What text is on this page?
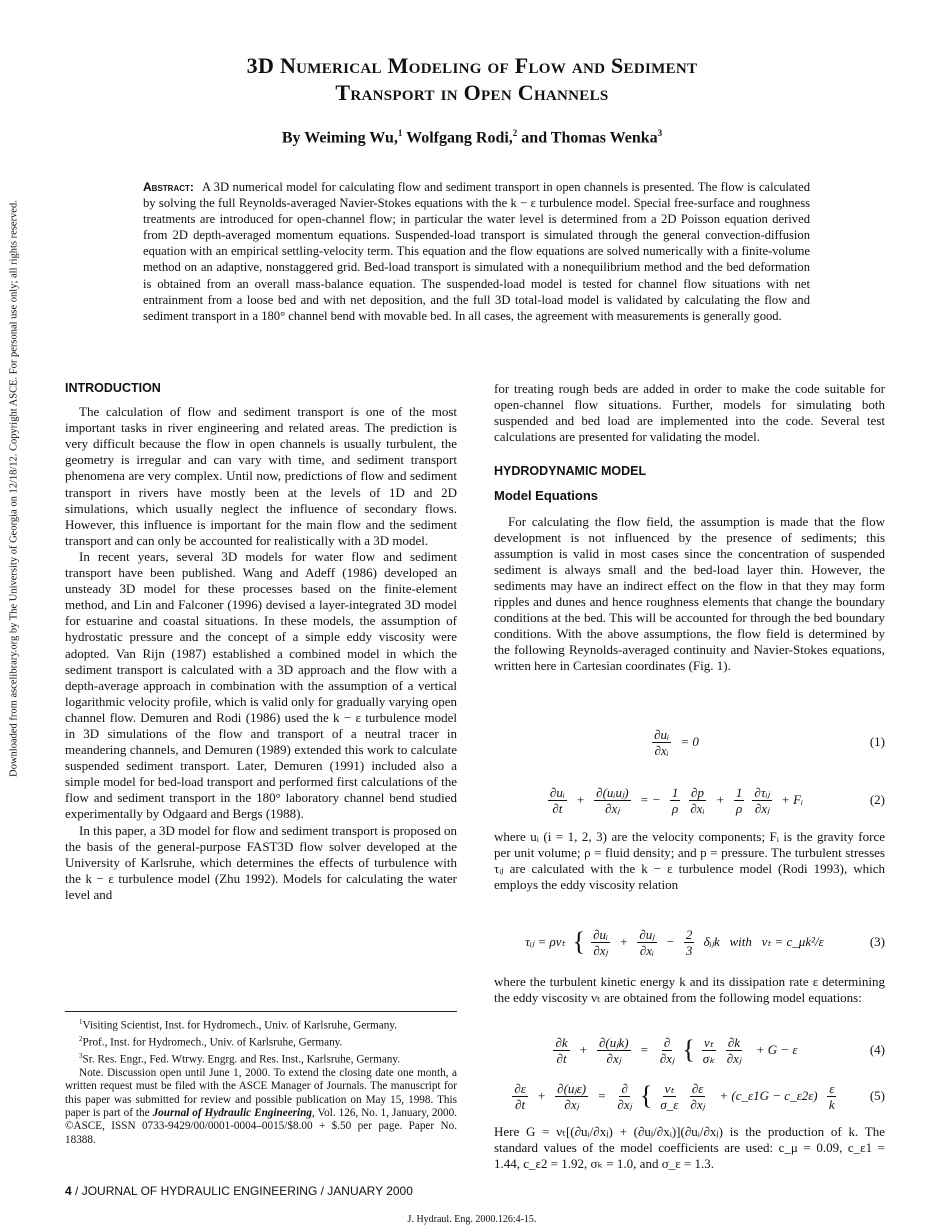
Downloaded from ascelibrary.org by The University of Georgia on 12/18/12. Copyright ASCE. For personal use only; all rights reserved.
3D Numerical Modeling of Flow and Sediment
Transport in Open Channels
By Weiming Wu,$^1$ Wolfgang Rodi,$^2$ and Thomas Wenka$^3$
Abstract: A 3D numerical model for calculating flow and sediment transport in open channels is presented. The flow is calculated by solving the full Reynolds-averaged Navier-Stokes equations with the k − ε turbulence model. Special free-surface and roughness treatments are introduced for open-channel flow; in particular the water level is determined from a 2D Poisson equation derived from 2D depth-averaged momentum equations. Suspended-load transport is simulated through the general convection-diffusion equation with an empirical settling-velocity term. This equation and the flow equations are solved numerically with a finite-volume method on an adaptive, nonstaggered grid. Bed-load transport is simulated with a nonequilibrium method and the bed deformation is obtained from an overall mass-balance equation. The suspended-load model is tested for channel flow situations with net entrainment from a loose bed and with net deposition, and the full 3D total-load model is validated by calculating the flow and sediment transport in a 180° channel bend with movable bed. In all cases, the agreement with measurements is generally good.
INTRODUCTION

The calculation of flow and sediment transport is one of the most important tasks in river engineering and related areas. The prediction is very difficult because the flow in open channels is usually turbulent, the geometry is irregular and can vary with time, and sediment transport phenomena are very complex. Until now, predictions of flow and sediment transport in rivers have mostly been at the levels of 1D and 2D simulations, which usually neglect the influence of secondary flows. However, this influence is important for the main flow and the sediment transport and can only be accounted for realistically with a 3D model.

In recent years, several 3D models for water flow and sediment transport have been published. Wang and Adeff (1986) developed an unsteady 3D model for these processes based on the finite-element method, and Lin and Falconer (1996) devised a layer-integrated 3D model for estuarine and coastal situations. In these models, the assumption of hydrostatic pressure and the concept of a simple eddy viscosity were adopted. Van Rijn (1987) established a combined model in which the sediment transport is calculated with a 3D approach and the flow with a depth-average approach in combination with the assumption of a vertical logarithmic velocity profile, which is valid only for gradually varying open channel flow. Demuren and Rodi (1986) used the k − ε turbulence model in 3D simulations of the flow and transport of a neutral tracer in meandering channels, and Demuren (1989) extended this work to calculate suspended sediment transport. Later, Demuren (1991) included also a simple model for bed-load transport and performed first calculations of the flow and sediment transport in the 180° laboratory channel bend studied experimentally by Odgaard and Bergs (1988).

In this paper, a 3D model for flow and sediment transport is proposed on the basis of the general-purpose FAST3D flow solver developed at the University of Karlsruhe, which determines the effects of turbulence with the k − ε turbulence model (Zhu 1992). Models for calculating the water level and

$^1$Visiting Scientist, Inst. for Hydromech., Univ. of Karlsruhe, Germany.

$^2$Prof., Inst. for Hydromech., Univ. of Karlsruhe, Germany.

$^3$Sr. Res. Engr., Fed. Wtrwy. Engrg. and Res. Inst., Karlsruhe, Germany.

Note. Discussion open until June 1, 2000. To extend the closing date one month, a written request must be filed with the ASCE Manager of Journals. The manuscript for this paper was submitted for review and possible publication on May 15, 1998. This paper is part of the Journal of Hydraulic Engineering, Vol. 126, No. 1, January, 2000. ©ASCE, ISSN 0733-9429/00/0001-0004–0015/$8.00 + $.50 per page. Paper No. 18388.

for treating rough beds are added in order to make the code suitable for open-channel flow situations. Further, models for simulating both suspended and bed load are implemented into the code. Several test calculations are presented for validating the model.

HYDRODYNAMIC MODEL
Model Equations

For calculating the flow field, the assumption is made that the flow development is not influenced by the presence of sediments; this assumption is valid in most cases since the concentration of suspended sediment is always small and the bed-load layer thin. However, the sediments may have an indirect effect on the flow in that they may form ripples and dunes and hence roughness elements that change the boundary conditions at the bed. This will be accounted for through the bed boundary conditions. With the above assumptions, the flow field is determined by the following Reynolds-averaged continuity and Navier-Stokes equations, written here in Cartesian coordinates (Fig. 1).

$\frac{\text{∂uᵢ}}{\text{∂xᵢ}} = 0$	(1)
$\frac{\text{∂uᵢ}}{\partial t} + \frac{\text{∂(uᵢuⱼ)}}{\text{∂xⱼ}}$ = − $\frac{1}{\rho} \frac{\partial p}{\text{∂xᵢ}} + \frac{1}{\rho} \frac{\text{∂τᵢⱼ}}{\text{∂xⱼ}}$ + Fᵢ	(2)
where uᵢ (i = 1, 2, 3) are the velocity components; Fᵢ is the gravity force per unit volume; ρ = fluid density; and p = pressure. The turbulent stresses τᵢⱼ are calculated with the k − ε turbulence model (Rodi 1993), which employs the eddy viscosity relation
τᵢⱼ = ρνₜ { $\frac{\text{∂uᵢ}}{\text{∂xⱼ}} + \frac{\text{∂uⱼ}}{\text{∂xᵢ}} - \frac{2}{3}$ δᵢⱼk   with   νₜ = c_μk²/ε	(3)
where the turbulent kinetic energy k and its dissipation rate ε determining the eddy viscosity νₜ are obtained from the following model equations:
$\frac{\partial k}{\partial t} + \frac{\text{∂(uⱼk)}}{\text{∂xⱼ}} = \frac{\partial}{\text{∂xⱼ}}$ { $\frac{\text{νₜ}}{\text{σₖ}} \frac{\partial k}{\text{∂xⱼ}} + G - \varepsilon$	(4)
$\frac{\partial\varepsilon}{\partial t} + \frac{\text{∂(uⱼε)}}{\text{∂xⱼ}} = \frac{\partial}{\text{∂xⱼ}}$ { $\frac{\text{νₜ}}{\sigma\_\varepsilon} \frac{\partial\varepsilon}{\text{∂xⱼ}}$ + (c_ε1G − c_ε2ε) $\frac{\varepsilon}{k}$	(5)
Here G = νₜ[(∂uᵢ/∂xⱼ) + (∂uⱼ/∂xᵢ)](∂uᵢ/∂xⱼ) is the production of k. The standard values of the model coefficients are used: c_μ = 0.09, c_ε1 = 1.44, c_ε2 = 1.92, σₖ = 1.0, and σ_ε = 1.3.
4 / JOURNAL OF HYDRAULIC ENGINEERING / JANUARY 2000
J. Hydraul. Eng. 2000.126:4-15.
